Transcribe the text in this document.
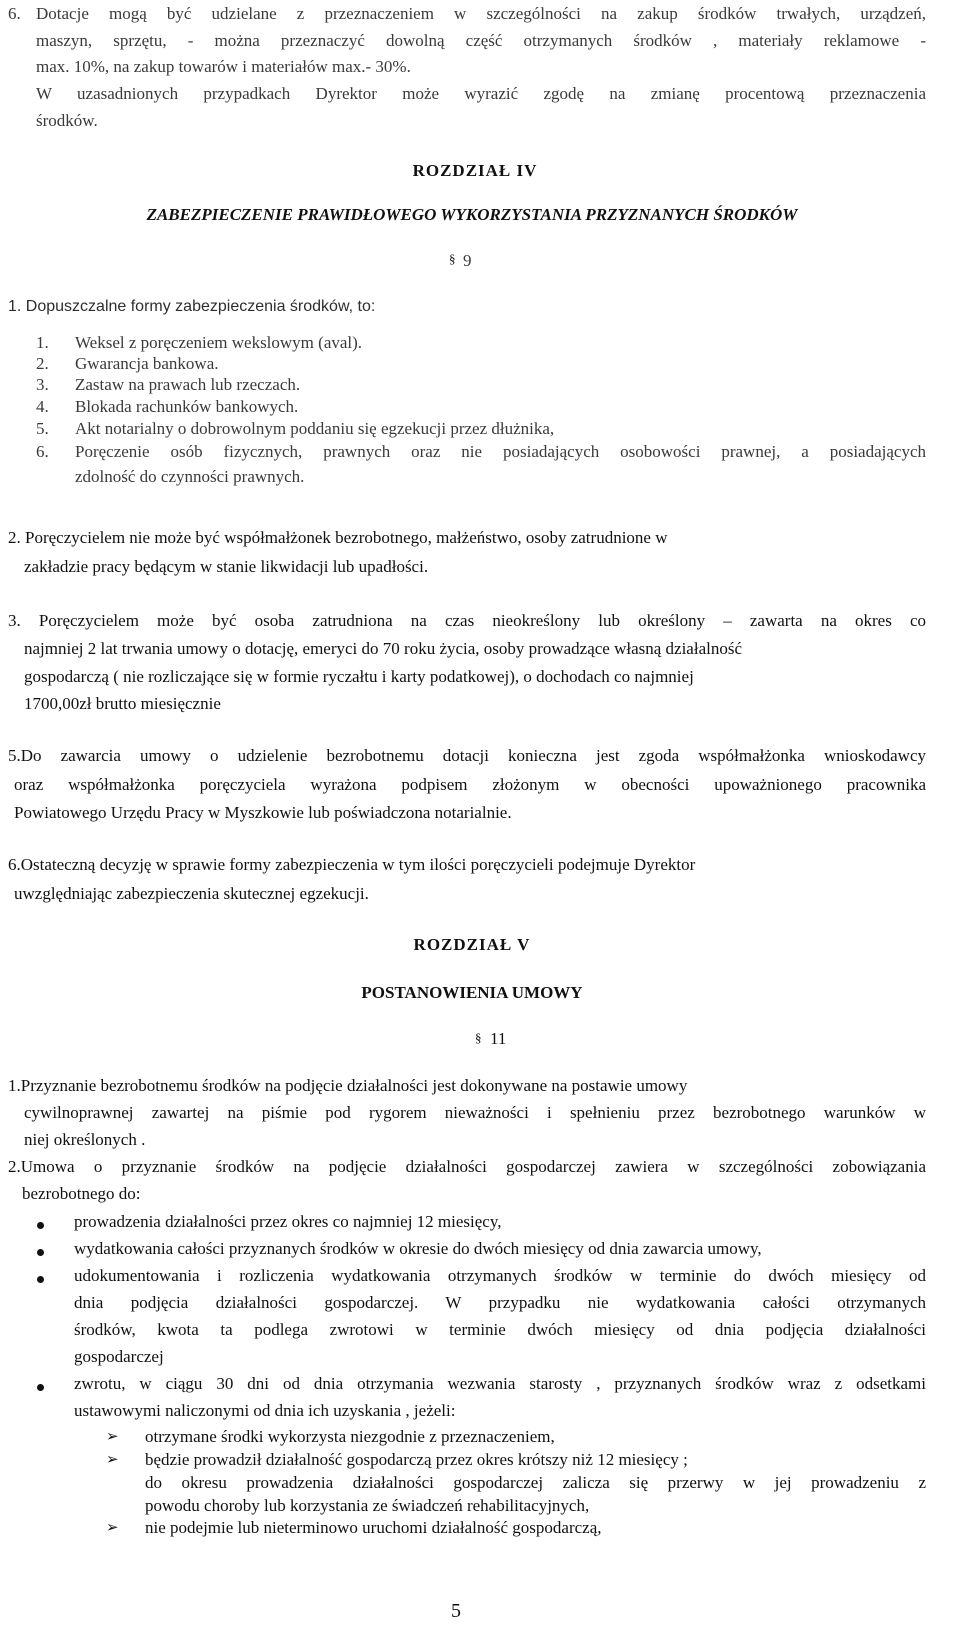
6. Dotacje mogą być udzielane z przeznaczeniem w szczególności na zakup środków trwałych, urządzeń,
maszyn, sprzętu, - można przeznaczyć dowolną część otrzymanych środków , materiały reklamowe -
max. 10%, na zakup towarów i materiałów max.- 30%.
W uzasadnionych przypadkach Dyrektor może wyrazić zgodę na zmianę procentową przeznaczenia
środków.
ROZDZIAŁ IV
ZABEZPIECZENIE PRAWIDŁOWEGO WYKORZYSTANIA PRZYZNANYCH ŚRODKÓW
§ 9
1. Dopuszczalne formy zabezpieczenia środków, to:
1. Weksel z poręczeniem wekslowym (aval).
2. Gwarancja bankowa.
3. Zastaw na prawach lub rzeczach.
4. Blokada rachunków bankowych.
5. Akt notarialny o dobrowolnym poddaniu się egzekucji przez dłużnika,
6. Poręczenie osób fizycznych, prawnych oraz nie posiadających osobowości prawnej, a posiadających
zdolność do czynności prawnych.
2. Poręczycielem nie może być współmałżonek bezrobotnego, małżeństwo, osoby zatrudnione w
zakładzie pracy będącym w stanie likwidacji lub upadłości.
3. Poręczycielem może być osoba zatrudniona na czas nieokreślony lub określony – zawarta na okres co
najmniej 2 lat trwania umowy o dotację, emeryci do 70 roku życia, osoby prowadzące własną działalność
gospodarczą ( nie rozliczające się w formie ryczałtu i karty podatkowej), o dochodach co najmniej
1700,00zł brutto miesięcznie
5.Do zawarcia umowy o udzielenie bezrobotnemu dotacji konieczna jest zgoda współmałżonka wnioskodawcy
oraz współmałżonka poręczyciela wyrażona podpisem złożonym w obecności upoważnionego pracownika
Powiatowego Urzędu Pracy w Myszkowie lub poświadczona notarialnie.
6.Ostateczną decyzję w sprawie formy zabezpieczenia w tym ilości poręczycieli podejmuje Dyrektor
uwzględniając zabezpieczenia skutecznej egzekucji.
ROZDZIAŁ V
POSTANOWIENIA UMOWY
§ 11
1.Przyznanie bezrobotnemu środków na podjęcie działalności jest dokonywane na postawie umowy
cywilnoprawnej zawartej na piśmie pod rygorem nieważności i spełnieniu przez bezrobotnego warunków w
niej określonych .
2.Umowa o przyznanie środków na podjęcie działalności gospodarczej zawiera w szczególności zobowiązania
bezrobotnego do:
prowadzenia działalności przez okres co najmniej 12 miesięcy,
wydatkowania całości przyznanych środków w okresie do dwóch miesięcy od dnia zawarcia umowy,
udokumentowania i rozliczenia wydatkowania otrzymanych środków w terminie do dwóch miesięcy od
dnia podjęcia działalności gospodarczej. W przypadku nie wydatkowania całości otrzymanych
środków, kwota ta podlega zwrotowi w terminie dwóch miesięcy od dnia podjęcia działalności
gospodarczej
zwrotu, w ciągu 30 dni od dnia otrzymania wezwania starosty , przyznanych środków wraz z odsetkami
ustawowymi naliczonymi od dnia ich uzyskania , jeżeli:
➢ otrzymane środki wykorzysta niezgodnie z przeznaczeniem,
➢ będzie prowadził działalność gospodarczą przez okres krótszy niż 12 miesięcy ;
do okresu prowadzenia działalności gospodarczej zalicza się przerwy w jej prowadzeniu z
powodu choroby lub korzystania ze świadczeń rehabilitacyjnych,
➢ nie podejmie lub nieterminowo uruchomi działalność gospodarczą,
5
